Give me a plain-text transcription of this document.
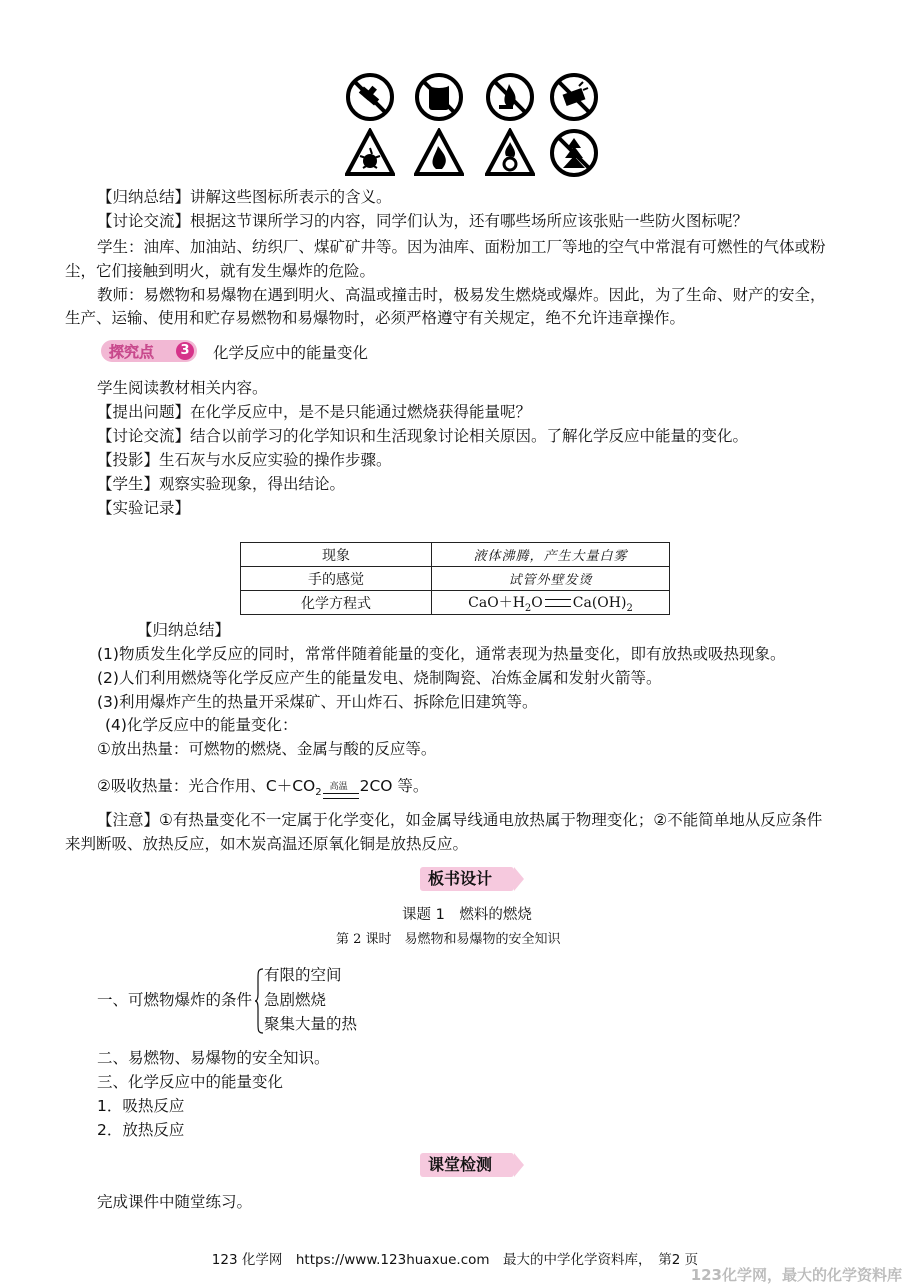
【归纳总结】讲解这些图标所表示的含义。
【讨论交流】根据这节课所学习的内容，同学们认为，还有哪些场所应该张贴一些防火图标呢？
学生：油库、加油站、纺织厂、煤矿矿井等。因为油库、面粉加工厂等地的空气中常混有可燃性的气体或粉
尘，它们接触到明火，就有发生爆炸的危险。
教师：易燃物和易爆物在遇到明火、高温或撞击时，极易发生燃烧或爆炸。因此，为了生命、财产的安全，
生产、运输、使用和贮存易燃物和易爆物时，必须严格遵守有关规定，绝不允许违章操作。
探究点	3 化学反应中的能量变化
学生阅读教材相关内容。
【提出问题】在化学反应中，是不是只能通过燃烧获得能量呢？
【讨论交流】结合以前学习的化学知识和生活现象讨论相关原因。了解化学反应中能量的变化。
【投影】生石灰与水反应实验的操作步骤。
【学生】观察实验现象，得出结论。
【实验记录】
现象	液体沸腾，产生大量白雾
手的感觉	试管外壁发烫
化学方程式	$CaO+H_2O$ $Ca(OH)_2$
【归纳总结】
(1)物质发生化学反应的同时，常常伴随着能量的变化，通常表现为热量变化，即有放热或吸热现象。
(2)人们利用燃烧等化学反应产生的能量发电、烧制陶瓷、冶炼金属和发射火箭等。
(3)利用爆炸产生的热量开采煤矿、开山炸石、拆除危旧建筑等。
(4)化学反应中的能量变化：
①放出热量：可燃物的燃烧、金属与酸的反应等。
②吸收热量：光合作用、$C+CO_2$ 高温 2CO 等。
【注意】①有热量变化不一定属于化学变化，如金属导线通电放热属于物理变化；②不能简单地从反应条件
来判断吸、放热反应，如木炭高温还原氧化铜是放热反应。
板书设计
课题 1　燃料的燃烧
第 2 课时　易燃物和易爆物的安全知识
一、可燃物爆炸的条件
有限的空间
急剧燃烧
聚集大量的热
二、易燃物、易爆物的安全知识。
三、化学反应中的能量变化
1．吸热反应
2．放热反应
课堂检测
完成课件中随堂练习。
123 化学网　https://www.123huaxue.com　最大的中学化学资料库，　第2 页
123化学网，最大的化学资料库
